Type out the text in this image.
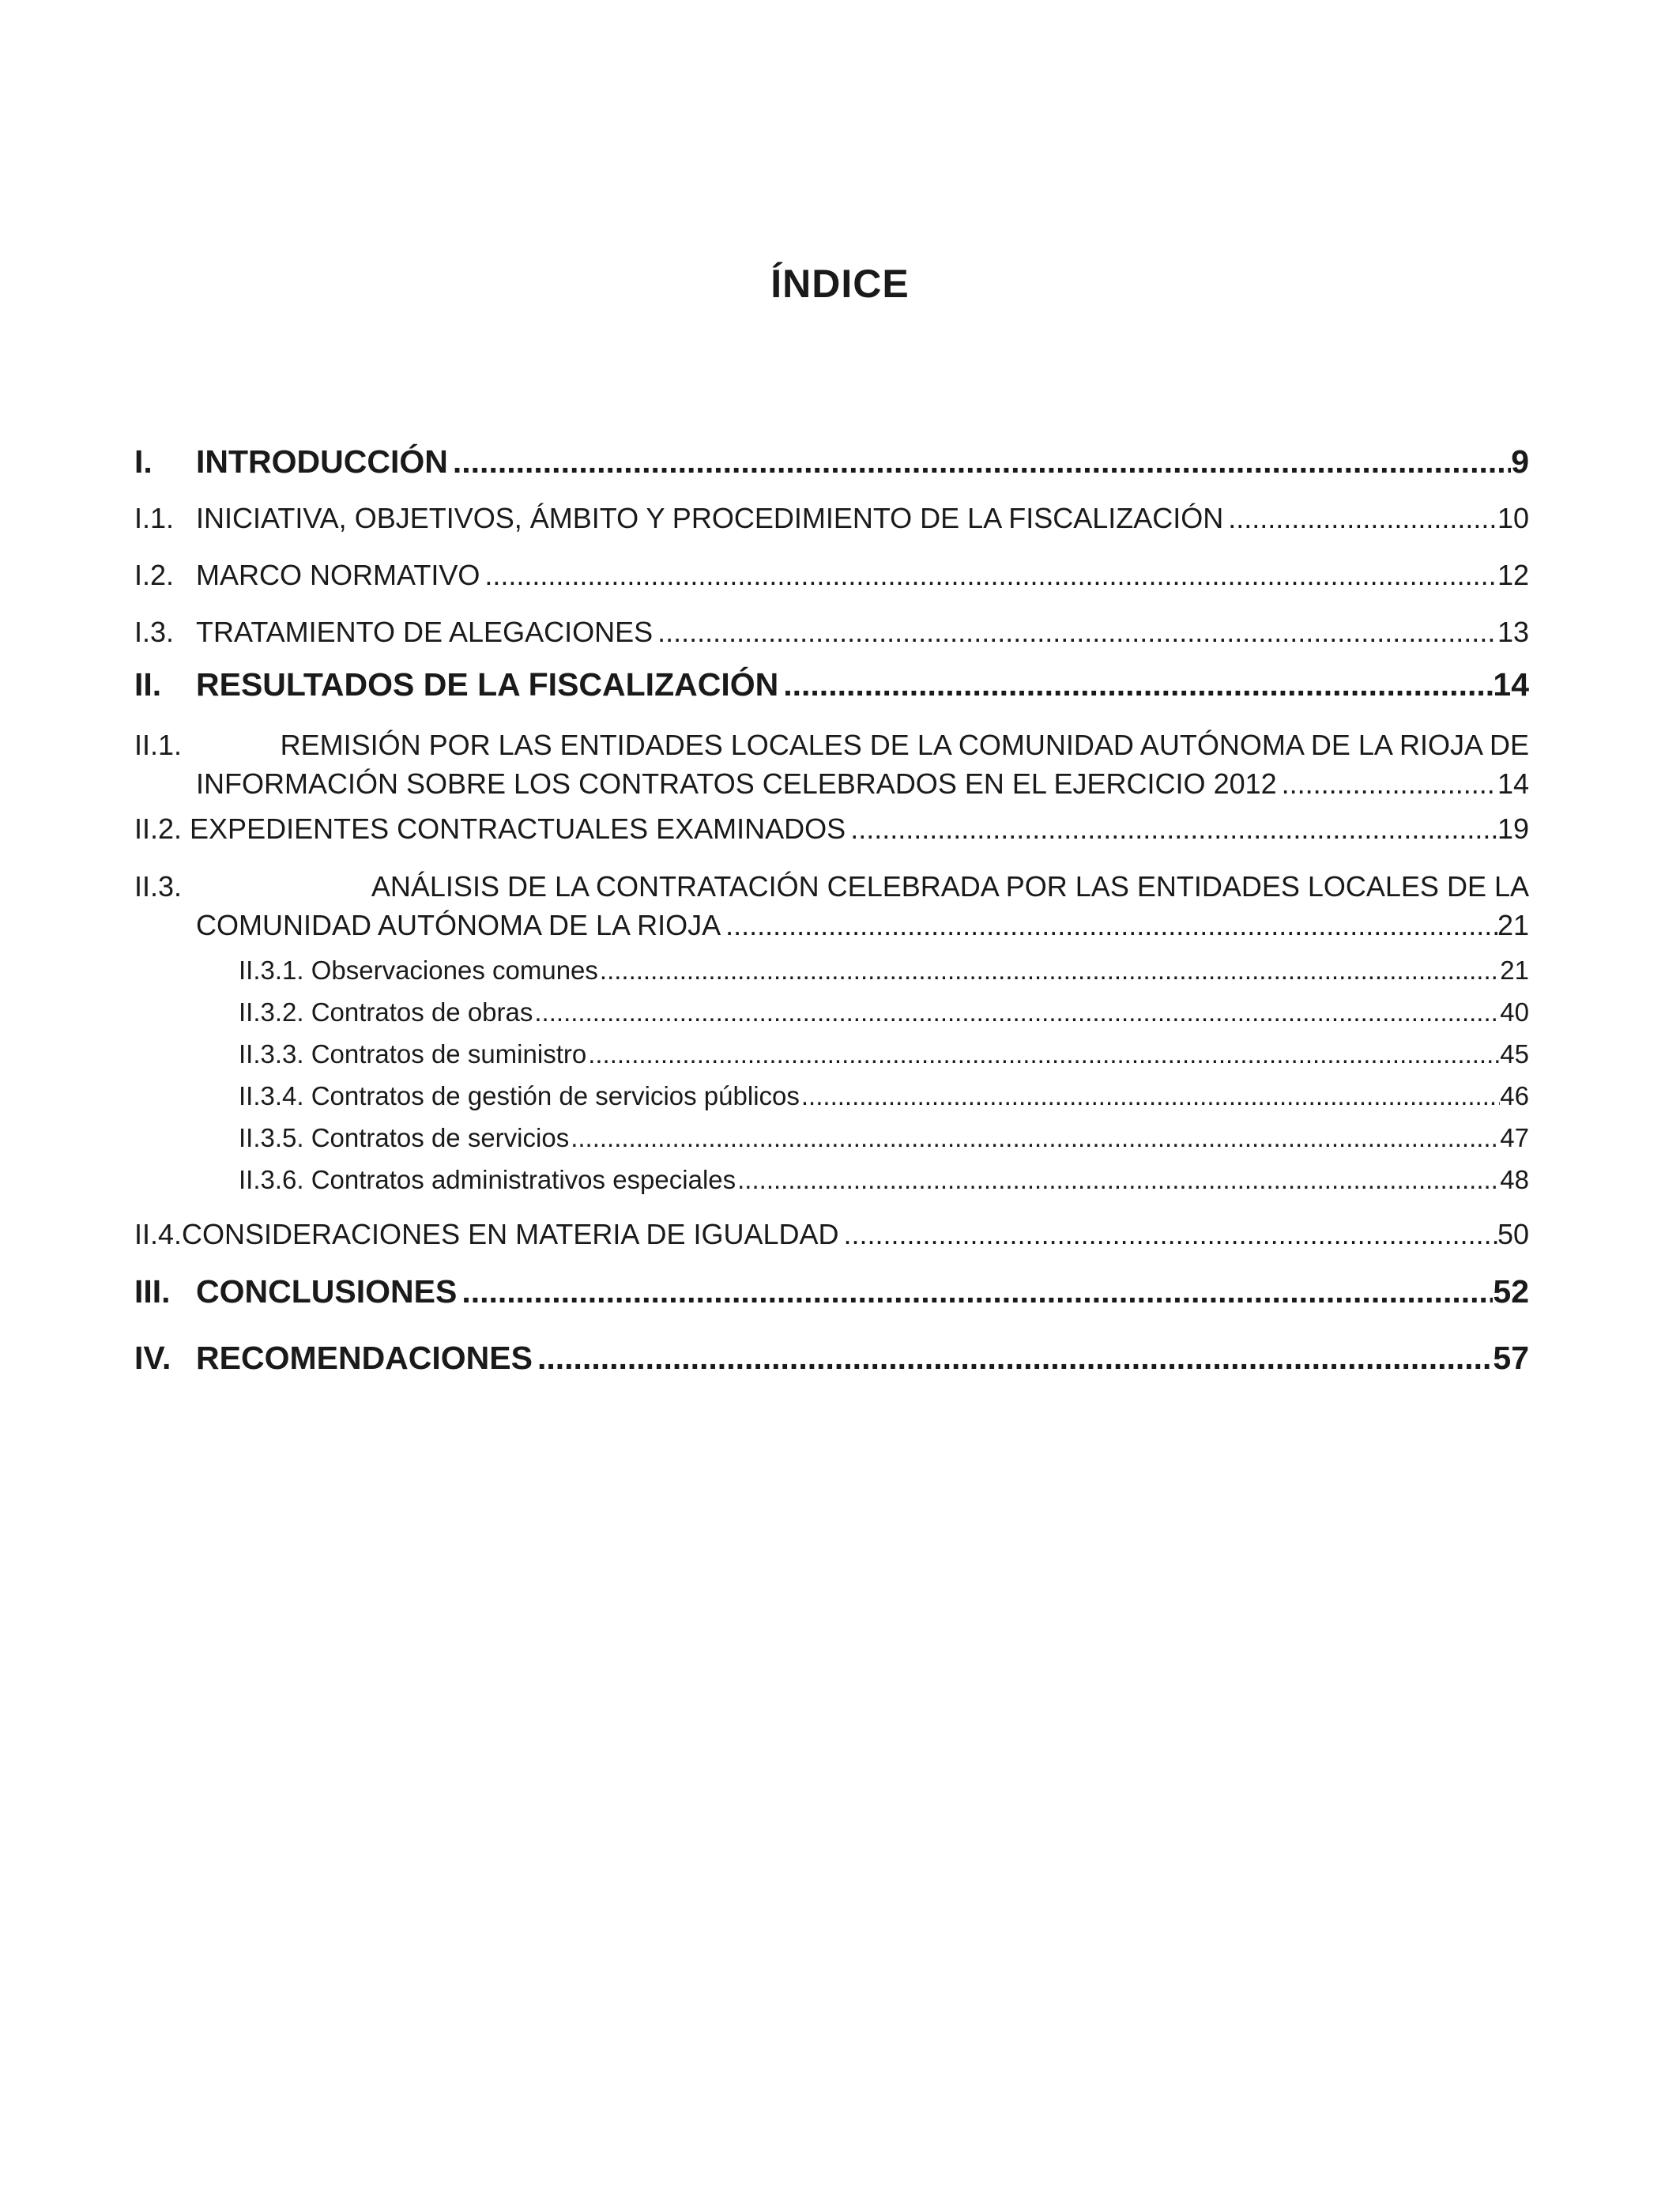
ÍNDICE
I.	INTRODUCCIÓN .....	9
I.1. INICIATIVA, OBJETIVOS, ÁMBITO Y PROCEDIMIENTO DE LA FISCALIZACIÓN .....	10
I.2. MARCO NORMATIVO .....	12
I.3. TRATAMIENTO DE ALEGACIONES .....	13
II.	RESULTADOS DE LA FISCALIZACIÓN .....	14
II.1.	REMISIÓN POR LAS ENTIDADES LOCALES DE LA COMUNIDAD AUTÓNOMA DE LA RIOJA DE
INFORMACIÓN SOBRE LOS CONTRATOS CELEBRADOS EN EL EJERCICIO 2012 .....	14
II.2. EXPEDIENTES CONTRACTUALES EXAMINADOS .....	19
II.3.	ANÁLISIS DE LA CONTRATACIÓN CELEBRADA POR LAS ENTIDADES LOCALES DE LA
COMUNIDAD AUTÓNOMA DE LA RIOJA .....	21
II.3.1. Observaciones comunes .....	21
II.3.2. Contratos de obras .....	40
II.3.3. Contratos de suministro .....	45
II.3.4. Contratos de gestión de servicios públicos .....	46
II.3.5. Contratos de servicios .....	47
II.3.6. Contratos administrativos especiales .....	48
II.4.CONSIDERACIONES EN MATERIA DE IGUALDAD .....	50
III. CONCLUSIONES .....	52
IV. RECOMENDACIONES .....	57
